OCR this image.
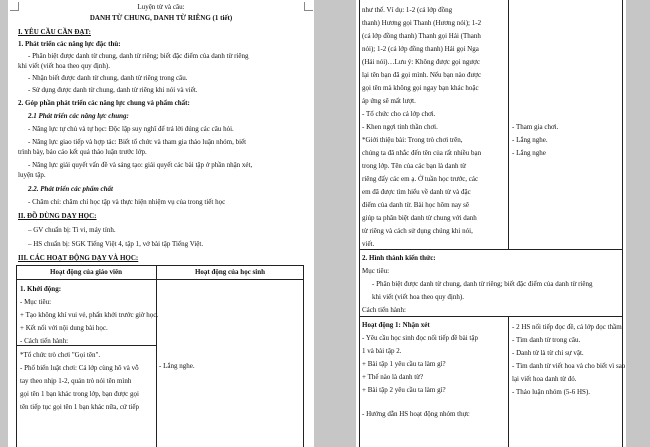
Luyện từ và câu:
DANH TỪ CHUNG, DANH TỪ RIÊNG (1 tiết)
I. YÊU CẦU CẦN ĐẠT:
1. Phát triển các năng lực đặc thù:
- Phân biệt được danh từ chung, danh từ riêng; biết đặc điểm của danh từ riêng
khi viết (viết hoa theo quy định).
- Nhận biết được danh từ chung, danh từ riêng trong câu.
- Sử dụng được danh từ chung, danh từ riêng khi nói và viết.
2. Góp phần phát triển các năng lực chung và phẩm chất:
2.1 Phát triển các năng lực chung:
- Năng lực tự chủ và tự học: Độc lập suy nghĩ để trả lời đúng các câu hỏi.
- Năng lực giao tiếp và hợp tác: Biết tổ chức và tham gia thảo luận nhóm, biết
trình bày, báo cáo kết quả thảo luận trước lớp.
- Năng lực giải quyết vấn đề và sáng tạo: giải quyết các bài tập ở phần nhận xét,
luyện tập.
2.2. Phát triển các phẩm chất
- Chăm chỉ: chăm chỉ học tập và thực hiện nhiệm vụ của trong tiết học
II. ĐỒ DÙNG DẠY HỌC:
– GV chuẩn bị: Ti vi, máy tính.
– HS chuẩn bị: SGK Tiếng Việt 4, tập 1, vở bài tập Tiếng Việt.
III. CÁC HOẠT ĐỘNG DẠY VÀ HỌC:
Hoạt động của giáo viên	Hoạt động của học sinh
1. Khởi động:
- Mục tiêu:
+ Tạo không khí vui vẻ, phấn khởi trước giờ học.
+ Kết nối với nội dung bài học.
- Cách tiến hành:
*Tổ chức trò chơi "Gọi tên".
- Phổ biến luật chơi: Cả lớp cùng hô và vỗ
tay theo nhịp 1-2, quản trò nói tên mình
gọi tên 1 bạn khác trong lớp, bạn được gọi
tên tiếp tục gọi tên 1 bạn khác nữa, cứ tiếp
- Lắng nghe.
như thế. Ví dụ: 1-2 (cả lớp đồng
thanh) Hương gọi Thanh (Hương nói); 1-2
(cả lớp đồng thanh) Thanh gọi Hải (Thanh
nói); 1-2 (cả lớp đồng thanh) Hải gọi Nga
(Hải nói)…Lưu ý: Không được gọi ngược
lại tên bạn đã gọi mình. Nếu bạn nào được
gọi tên mà không gọi ngay bạn khác hoặc
áp ứng sẽ mất lượt.
- Tổ chức cho cả lớp chơi.
- Khen ngợi tinh thần chơi.
*Giới thiệu bài: Trong trò chơi trên,
chúng ta đã nhắc đến tên của rất nhiều bạn
trong lớp. Tên của các bạn là danh từ
riêng đấy các em ạ. Ở tuần học trước, các
em đã được tìm hiểu về danh từ và đặc
điểm của danh từ. Bài học hôm nay sẽ
giúp ta phân biệt danh từ chung với danh
từ riêng và cách sử dụng chúng khi nói,
viết.
- Tham gia chơi.
- Lắng nghe.
- Lắng nghe
2. Hình thành kiến thức:
Mục tiêu:
- Phân biệt được danh từ chung, danh từ riêng; biết đặc điểm của danh từ riêng
khi viết (viết hoa theo quy định).
Cách tiến hành:
Hoạt động 1: Nhận xét
- Yêu cầu học sinh đọc nối tiếp đề bài tập
1 và bài tập 2.
+ Bài tập 1 yêu cầu ta làm gì?
+ Thế nào là danh từ?
+ Bài tập 2 yêu cầu ta làm gì?
- Hướng dẫn HS hoạt động nhóm thực
- 2 HS nối tiếp đọc đề, cả lớp đọc thầm.
- Tìm danh từ trong câu.
- Danh từ là từ chỉ sự vật.
- Tìm danh từ viết hoa và cho biết vì sao
lại viết hoa danh từ đó.
- Thảo luận nhóm (5-6 HS).
